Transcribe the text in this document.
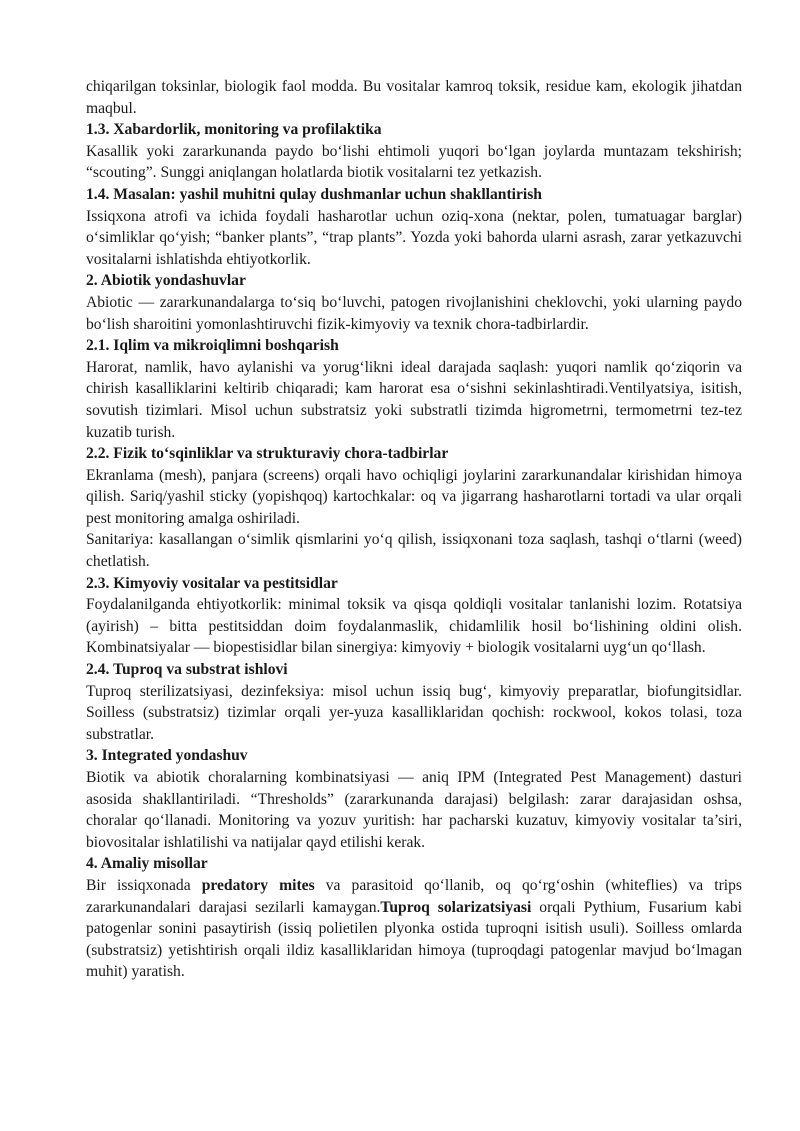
chiqarilgan toksinlar, biologik faol modda. Bu vositalar kamroq toksik, residue kam, ekologik jihatdan maqbul.

1.3. Xabardorlik, monitoring va profilaktika

Kasallik yoki zararkunanda paydo bo‘lishi ehtimoli yuqori bo‘lgan joylarda muntazam tekshirish; “scouting”. Sunggi aniqlangan holatlarda biotik vositalarni tez yetkazish.

1.4. Masalan: yashil muhitni qulay dushmanlar uchun shakllantirish

Issiqxona atrofi va ichida foydali hasharotlar uchun oziq-xona (nektar, polen, tumatuagar barglar) o‘simliklar qo‘yish; “banker plants”, “trap plants”. Yozda yoki bahorda ularni asrash, zarar yetkazuvchi vositalarni ishlatishda ehtiyotkorlik.

2. Abiotik yondashuvlar

Abiotic — zararkunandalarga to‘siq bo‘luvchi, patogen rivojlanishini cheklovchi, yoki ularning paydo bo‘lish sharoitini yomonlashtiruvchi fizik-kimyoviy va texnik chora-tadbirlardir.

2.1. Iqlim va mikroiqlimni boshqarish

Harorat, namlik, havo aylanishi va yorug‘likni ideal darajada saqlash: yuqori namlik qo‘ziqorin va chirish kasalliklarini keltirib chiqaradi; kam harorat esa o‘sishni sekinlashtiradi.Ventilyatsiya, isitish, sovutish tizimlari. Misol uchun substratsiz yoki substratli tizimda higrometrni, termometrni tez-tez kuzatib turish.

2.2. Fizik to‘sqinliklar va strukturaviy chora-tadbirlar

Ekranlama (mesh), panjara (screens) orqali havo ochiqligi joylarini zararkunandalar kirishidan himoya qilish. Sariq/yashil sticky (yopishqoq) kartochkalar: oq va jigarrang hasharotlarni tortadi va ular orqali pest monitoring amalga oshiriladi.

Sanitariya: kasallangan o‘simlik qismlarini yo‘q qilish, issiqxonani toza saqlash, tashqi o‘tlarni (weed) chetlatish.

2.3. Kimyoviy vositalar va pestitsidlar

Foydalanilganda ehtiyotkorlik: minimal toksik va qisqa qoldiqli vositalar tanlanishi lozim. Rotatsiya (ayirish) – bitta pestitsiddan doim foydalanmaslik, chidamlilik hosil bo‘lishining oldini olish. Kombinatsiyalar — biopestisidlar bilan sinergiya: kimyoviy + biologik vositalarni uyg‘un qo‘llash.

2.4. Tuproq va substrat ishlovi

Tuproq sterilizatsiyasi, dezinfeksiya: misol uchun issiq bug‘, kimyoviy preparatlar, biofungitsidlar. Soilless (substratsiz) tizimlar orqali yer-yuza kasalliklaridan qochish: rockwool, kokos tolasi, toza substratlar.

3. Integrated yondashuv

Biotik va abiotik choralarning kombinatsiyasi — aniq IPM (Integrated Pest Management) dasturi asosida shakllantiriladi. “Thresholds” (zararkunanda darajasi) belgilash: zarar darajasidan oshsa, choralar qo‘llanadi. Monitoring va yozuv yuritish: har pacharski kuzatuv, kimyoviy vositalar ta’siri, biovositalar ishlatilishi va natijalar qayd etilishi kerak.

4. Amaliy misollar

Bir issiqxonada predatory mites va parasitoid qo‘llanib, oq qo‘rg‘oshin (whiteflies) va trips zararkunandalari darajasi sezilarli kamaygan.Tuproq solarizatsiyasi orqali Pythium, Fusarium kabi patogenlar sonini pasaytirish (issiq polietilen plyonka ostida tuproqni isitish usuli). Soilless omlarda (substratsiz) yetishtirish orqali ildiz kasalliklaridan himoya (tuproqdagi patogenlar mavjud bo‘lmagan muhit) yaratish.
